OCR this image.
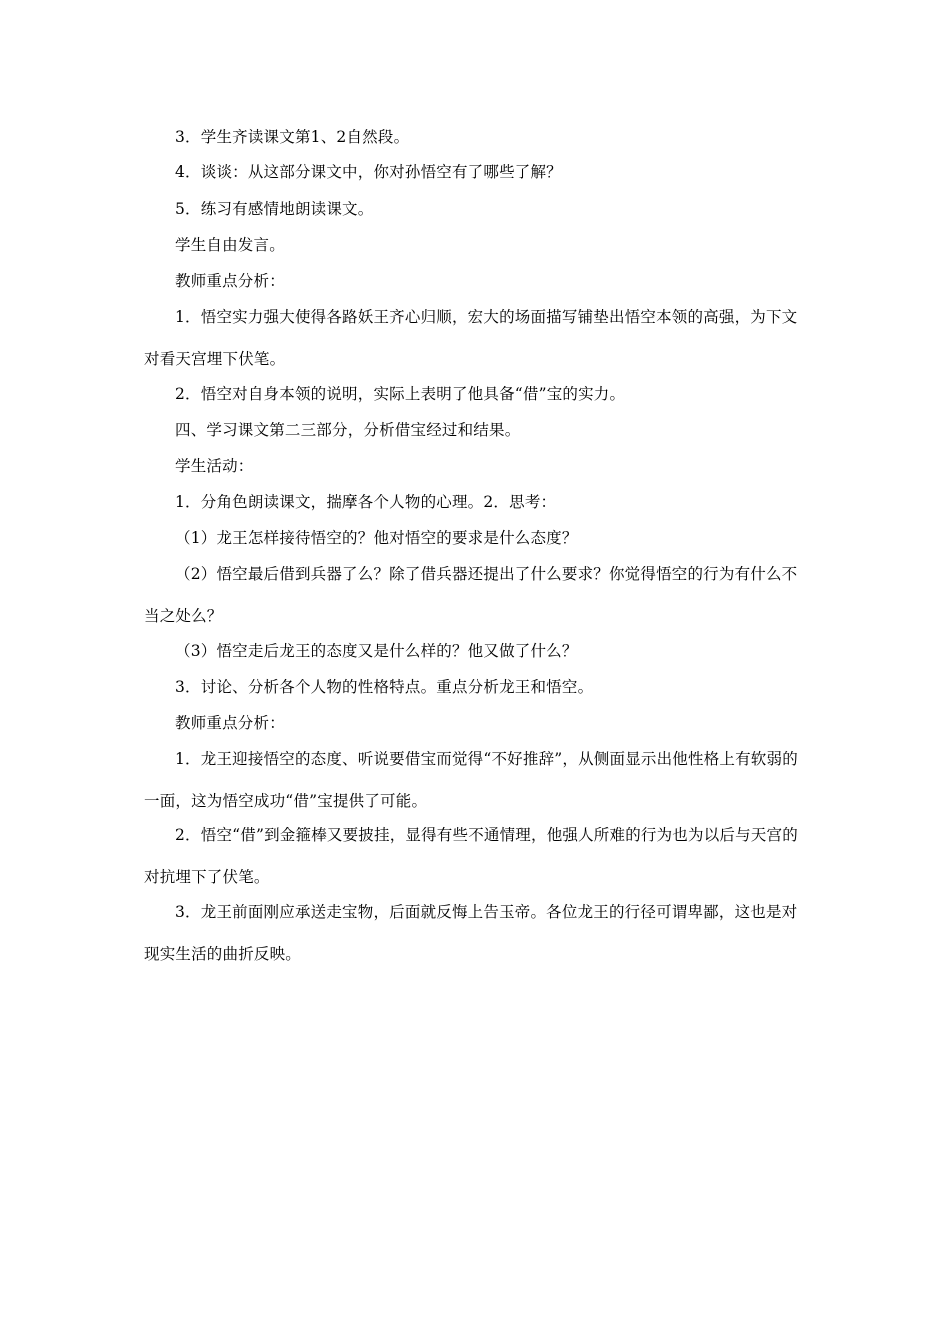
3．学生齐读课文第1、2自然段。

4．谈谈：从这部分课文中，你对孙悟空有了哪些了解？

5．练习有感情地朗读课文。

学生自由发言。

教师重点分析：

1．悟空实力强大使得各路妖王齐心归顺，宏大的场面描写铺垫出悟空本领的高强，为下文对看天宫埋下伏笔。

2．悟空对自身本领的说明，实际上表明了他具备“借”宝的实力。

四、学习课文第二三部分，分析借宝经过和结果。

学生活动：

1．分角色朗读课文，揣摩各个人物的心理。2．思考：

（1）龙王怎样接待悟空的？他对悟空的要求是什么态度？

（2）悟空最后借到兵器了么？除了借兵器还提出了什么要求？你觉得悟空的行为有什么不当之处么？

（3）悟空走后龙王的态度又是什么样的？他又做了什么？

3．讨论、分析各个人物的性格特点。重点分析龙王和悟空。

教师重点分析：

1．龙王迎接悟空的态度、听说要借宝而觉得“不好推辞”，从侧面显示出他性格上有软弱的一面，这为悟空成功“借”宝提供了可能。

2．悟空“借”到金箍棒又要披挂，显得有些不通情理，他强人所难的行为也为以后与天宫的对抗埋下了伏笔。

3．龙王前面刚应承送走宝物，后面就反悔上告玉帝。各位龙王的行径可谓卑鄙，这也是对现实生活的曲折反映。
